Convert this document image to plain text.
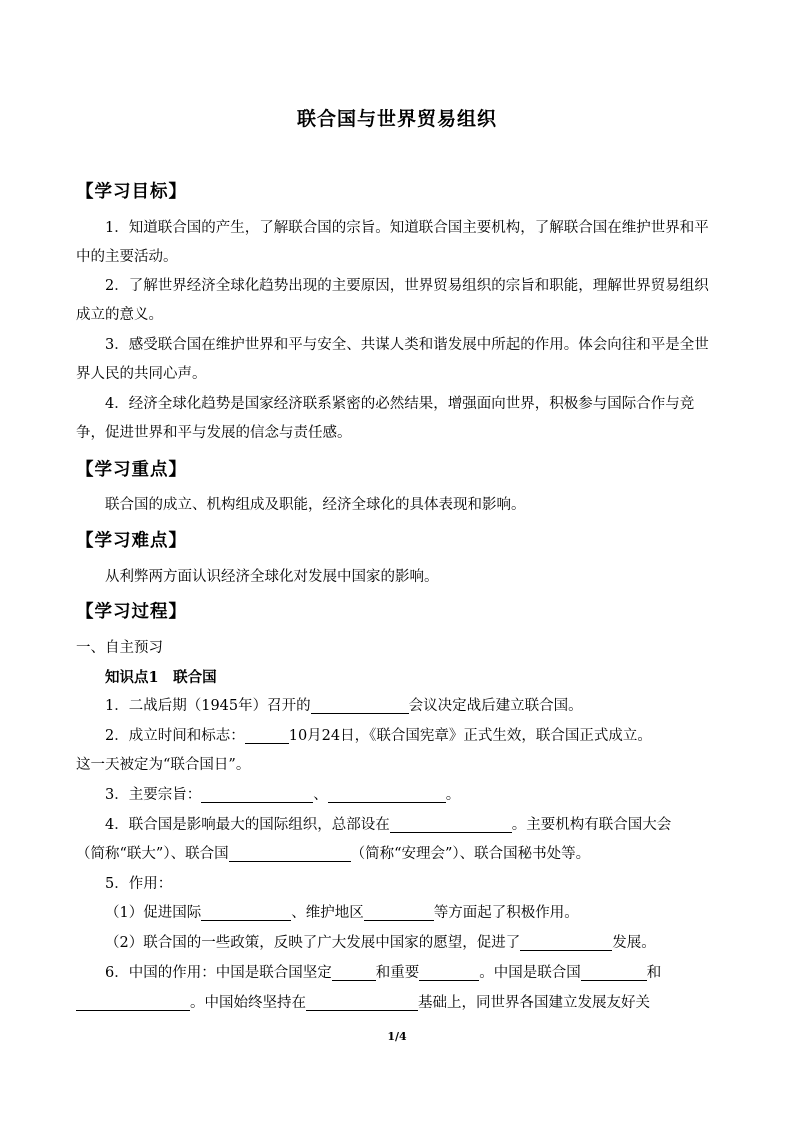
联合国与世界贸易组织
【学习目标】
1．知道联合国的产生，了解联合国的宗旨。知道联合国主要机构，了解联合国在维护世界和平中的主要活动。
2．了解世界经济全球化趋势出现的主要原因，世界贸易组织的宗旨和职能，理解世界贸易组织成立的意义。
3．感受联合国在维护世界和平与安全、共谋人类和谐发展中所起的作用。体会向往和平是全世界人民的共同心声。
4．经济全球化趋势是国家经济联系紧密的必然结果，增强面向世界，积极参与国际合作与竞争，促进世界和平与发展的信念与责任感。
【学习重点】
联合国的成立、机构组成及职能，经济全球化的具体表现和影响。
【学习难点】
从利弊两方面认识经济全球化对发展中国家的影响。
【学习过程】
一、自主预习
知识点1　联合国
1．二战后期（1945年）召开的	会议决定战后建立联合国。
2．成立时间和标志：	10月24日，《联合国宪章》正式生效，联合国正式成立。
这一天被定为“联合国日”。
3．主要宗旨：	、	。
4．联合国是影响最大的国际组织，总部设在	。主要机构有联合国大会
（简称“联大”）、联合国	（简称“安理会”）、联合国秘书处等。
5．作用：
（1）促进国际	、维护地区	等方面起了积极作用。
（2）联合国的一些政策，反映了广大发展中国家的愿望，促进了	发展。
6．中国的作用：中国是联合国坚定	和重要	。中国是联合国	和
。中国始终坚持在	基础上，同世界各国建立发展友好关
1/4
